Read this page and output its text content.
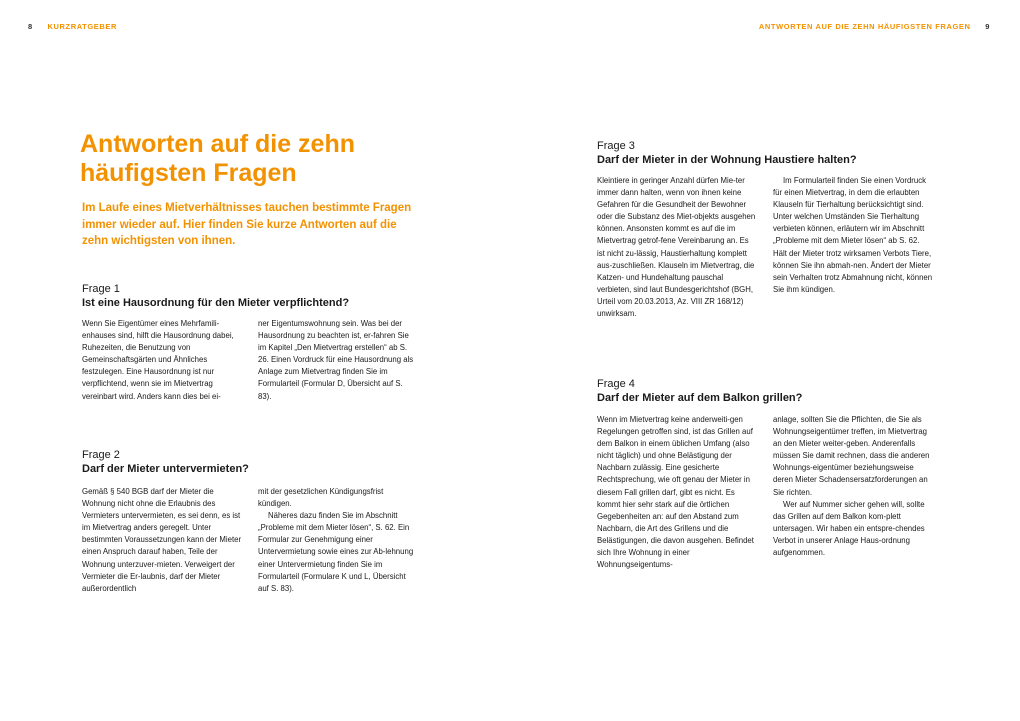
8 KURZRATGEBER	ANTWORTEN AUF DIE ZEHN HÄUFIGSTEN FRAGEN 9
Antworten auf die zehn
häufigsten Fragen

Im Laufe eines Mietverhältnisses tauchen bestimmte Fragen immer wieder auf. Hier finden Sie kurze Antworten auf die zehn wichtigsten von ihnen.

Frage 1

Ist eine Hausordnung für den Mieter verpflichtend?

Wenn Sie Eigentümer eines Mehrfamili-enhauses sind, hilft die Hausordnung dabei, Ruhezeiten, die Benutzung von Gemeinschaftsgärten und Ähnliches festzulegen. Eine Hausordnung ist nur verpflichtend, wenn sie im Mietvertrag vereinbart wird. Anders kann dies bei ei-

ner Eigentumswohnung sein. Was bei der Hausordnung zu beachten ist, er-fahren Sie im Kapitel „Den Mietvertrag erstellen“ ab S. 26. Einen Vordruck für eine Hausordnung als Anlage zum Mietvertrag finden Sie im Formularteil (Formular D, Übersicht auf S. 83).

Frage 2

Darf der Mieter untervermieten?

Gemäß § 540 BGB darf der Mieter die Wohnung nicht ohne die Erlaubnis des Vermieters untervermieten, es sei denn, es ist im Mietvertrag anders geregelt. Unter bestimmten Voraussetzungen kann der Mieter einen Anspruch darauf haben, Teile der Wohnung unterzuver-mieten. Verweigert der Vermieter die Er-laubnis, darf der Mieter außerordentlich

mit der gesetzlichen Kündigungsfrist kündigen.

Näheres dazu finden Sie im Abschnitt „Probleme mit dem Mieter lösen“, S. 62. Ein Formular zur Genehmigung einer Untervermietung sowie eines zur Ab-lehnung einer Untervermietung finden Sie im Formularteil (Formulare K und L, Übersicht auf S. 83).

Frage 3

Darf der Mieter in der Wohnung Haustiere halten?

Kleintiere in geringer Anzahl dürfen Mie-ter immer dann halten, wenn von ihnen keine Gefahren für die Gesundheit der Bewohner oder die Substanz des Miet-objekts ausgehen können. Ansonsten kommt es auf die im Mietvertrag getrof-fene Vereinbarung an. Es ist nicht zu-lässig, Haustierhaltung komplett aus-zuschließen. Klauseln im Mietvertrag, die Katzen- und Hundehaltung pauschal verbieten, sind laut Bundesgerichtshof (BGH, Urteil vom 20.03.2013, Az. VIII ZR 168/12) unwirksam.

Im Formularteil finden Sie einen Vordruck für einen Mietvertrag, in dem die erlaubten Klauseln für Tierhaltung berücksichtigt sind. Unter welchen Umständen Sie Tierhaltung verbieten können, erläutern wir im Abschnitt „Probleme mit dem Mieter lösen“ ab S. 62. Hält der Mieter trotz wirksamen Verbots Tiere, können Sie ihn abmah-nen. Ändert der Mieter sein Verhalten trotz Abmahnung nicht, können Sie ihm kündigen.

Frage 4

Darf der Mieter auf dem Balkon grillen?

Wenn im Mietvertrag keine anderweiti-gen Regelungen getroffen sind, ist das Grillen auf dem Balkon in einem üblichen Umfang (also nicht täglich) und ohne Belästigung der Nachbarn zulässig. Eine gesicherte Rechtsprechung, wie oft genau der Mieter in diesem Fall grillen darf, gibt es nicht. Es kommt hier sehr stark auf die örtlichen Gegebenheiten an: auf den Abstand zum Nachbarn, die Art des Grillens und die Belästigungen, die davon ausgehen. Befindet sich Ihre Wohnung in einer Wohnungseigentums-

anlage, sollten Sie die Pflichten, die Sie als Wohnungseigentümer treffen, im Mietvertrag an den Mieter weiter-geben. Anderenfalls müssen Sie damit rechnen, dass die anderen Wohnungs-eigentümer beziehungsweise deren Mieter Schadensersatzforderungen an Sie richten.

Wer auf Nummer sicher gehen will, sollte das Grillen auf dem Balkon kom-plett untersagen. Wir haben ein entspre-chendes Verbot in unserer Anlage Haus-ordnung aufgenommen.
